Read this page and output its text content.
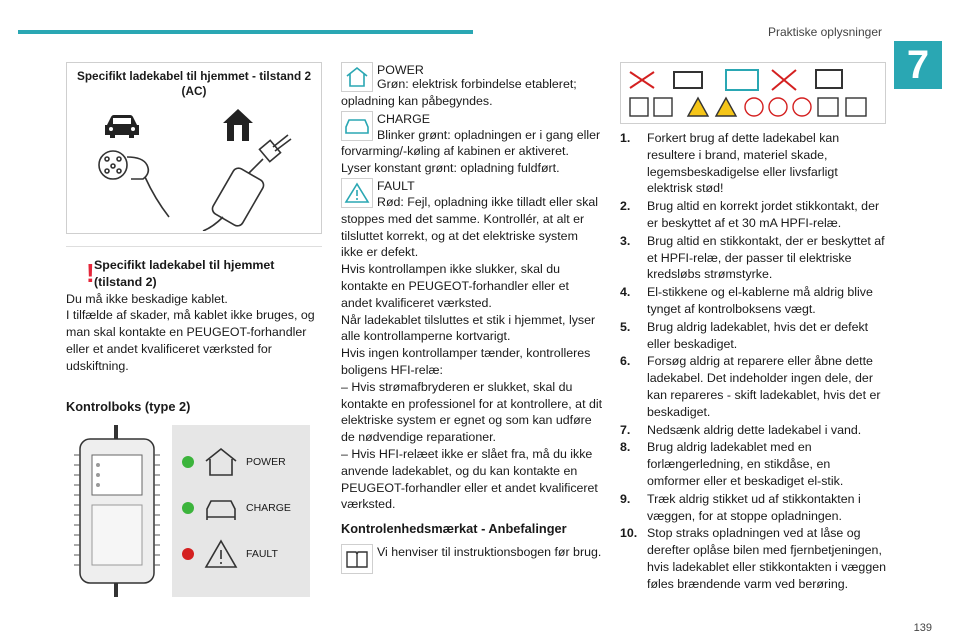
Praktiske oplysninger
7
139
Specifikt ladekabel til hjemmet - tilstand 2 (AC)
! Specifikt ladekabel til hjemmet (tilstand 2)
Du må ikke beskadige kablet.
I tilfælde af skader, må kablet ikke bruges, og man skal kontakte en PEUGEOT-forhandler eller et andet kvalificeret værksted for udskiftning.
Kontrolboks (type 2)
POWER
CHARGE
FAULT
POWER
Grøn: elektrisk forbindelse etableret; opladning kan påbegyndes.
CHARGE
Blinker grønt: opladningen er i gang eller forvarming/-køling af kabinen er aktiveret.
Lyser konstant grønt: opladning fuldført.
FAULT
Rød: Fejl, opladning ikke tilladt eller skal stoppes med det samme. Kontrollér, at alt er tilsluttet korrekt, og at det elektriske system ikke er defekt.
Hvis kontrollampen ikke slukker, skal du kontakte en PEUGEOT-forhandler eller et andet kvalificeret værksted.
Når ladekablet tilsluttes et stik i hjemmet, lyser alle kontrollamperne kortvarigt.
Hvis ingen kontrollamper tænder, kontrolleres boligens HFI-relæ:
– Hvis strømafbryderen er slukket, skal du kontakte en professionel for at kontrollere, at dit elektriske system er egnet og som kan udføre de nødvendige reparationer.
– Hvis HFI-relæet ikke er slået fra, må du ikke anvende ladekablet, og du kan kontakte en PEUGEOT-forhandler eller et andet kvalificeret værksted.
Kontrolenhedsmærkat - Anbefalinger
Vi henviser til instruktionsbogen før brug.
1.	Forkert brug af dette ladekabel kan resultere i brand, materiel skade, legemsbeskadigelse eller livsfarligt elektrisk stød!
2.	Brug altid en korrekt jordet stikkontakt, der er beskyttet af et 30 mA HPFI-relæ.
3.	Brug altid en stikkontakt, der er beskyttet af et HPFI-relæ, der passer til elektriske kredsløbs strømstyrke.
4.	El-stikkene og el-kablerne må aldrig blive tynget af kontrolboksens vægt.
5.	Brug aldrig ladekablet, hvis det er defekt eller beskadiget.
6.	Forsøg aldrig at reparere eller åbne dette ladekabel. Det indeholder ingen dele, der kan repareres - skift ladekablet, hvis det er beskadiget.
7.	Nedsænk aldrig dette ladekabel i vand.
8.	Brug aldrig ladekablet med en forlængerledning, en stikdåse, en omformer eller et beskadiget el-stik.
9.	Træk aldrig stikket ud af stikkontakten i væggen, for at stoppe opladningen.
10. Stop straks opladningen ved at låse og derefter oplåse bilen med fjernbetjeningen, hvis ladekablet eller stikkontakten i væggen føles brændende varm ved berøring.
